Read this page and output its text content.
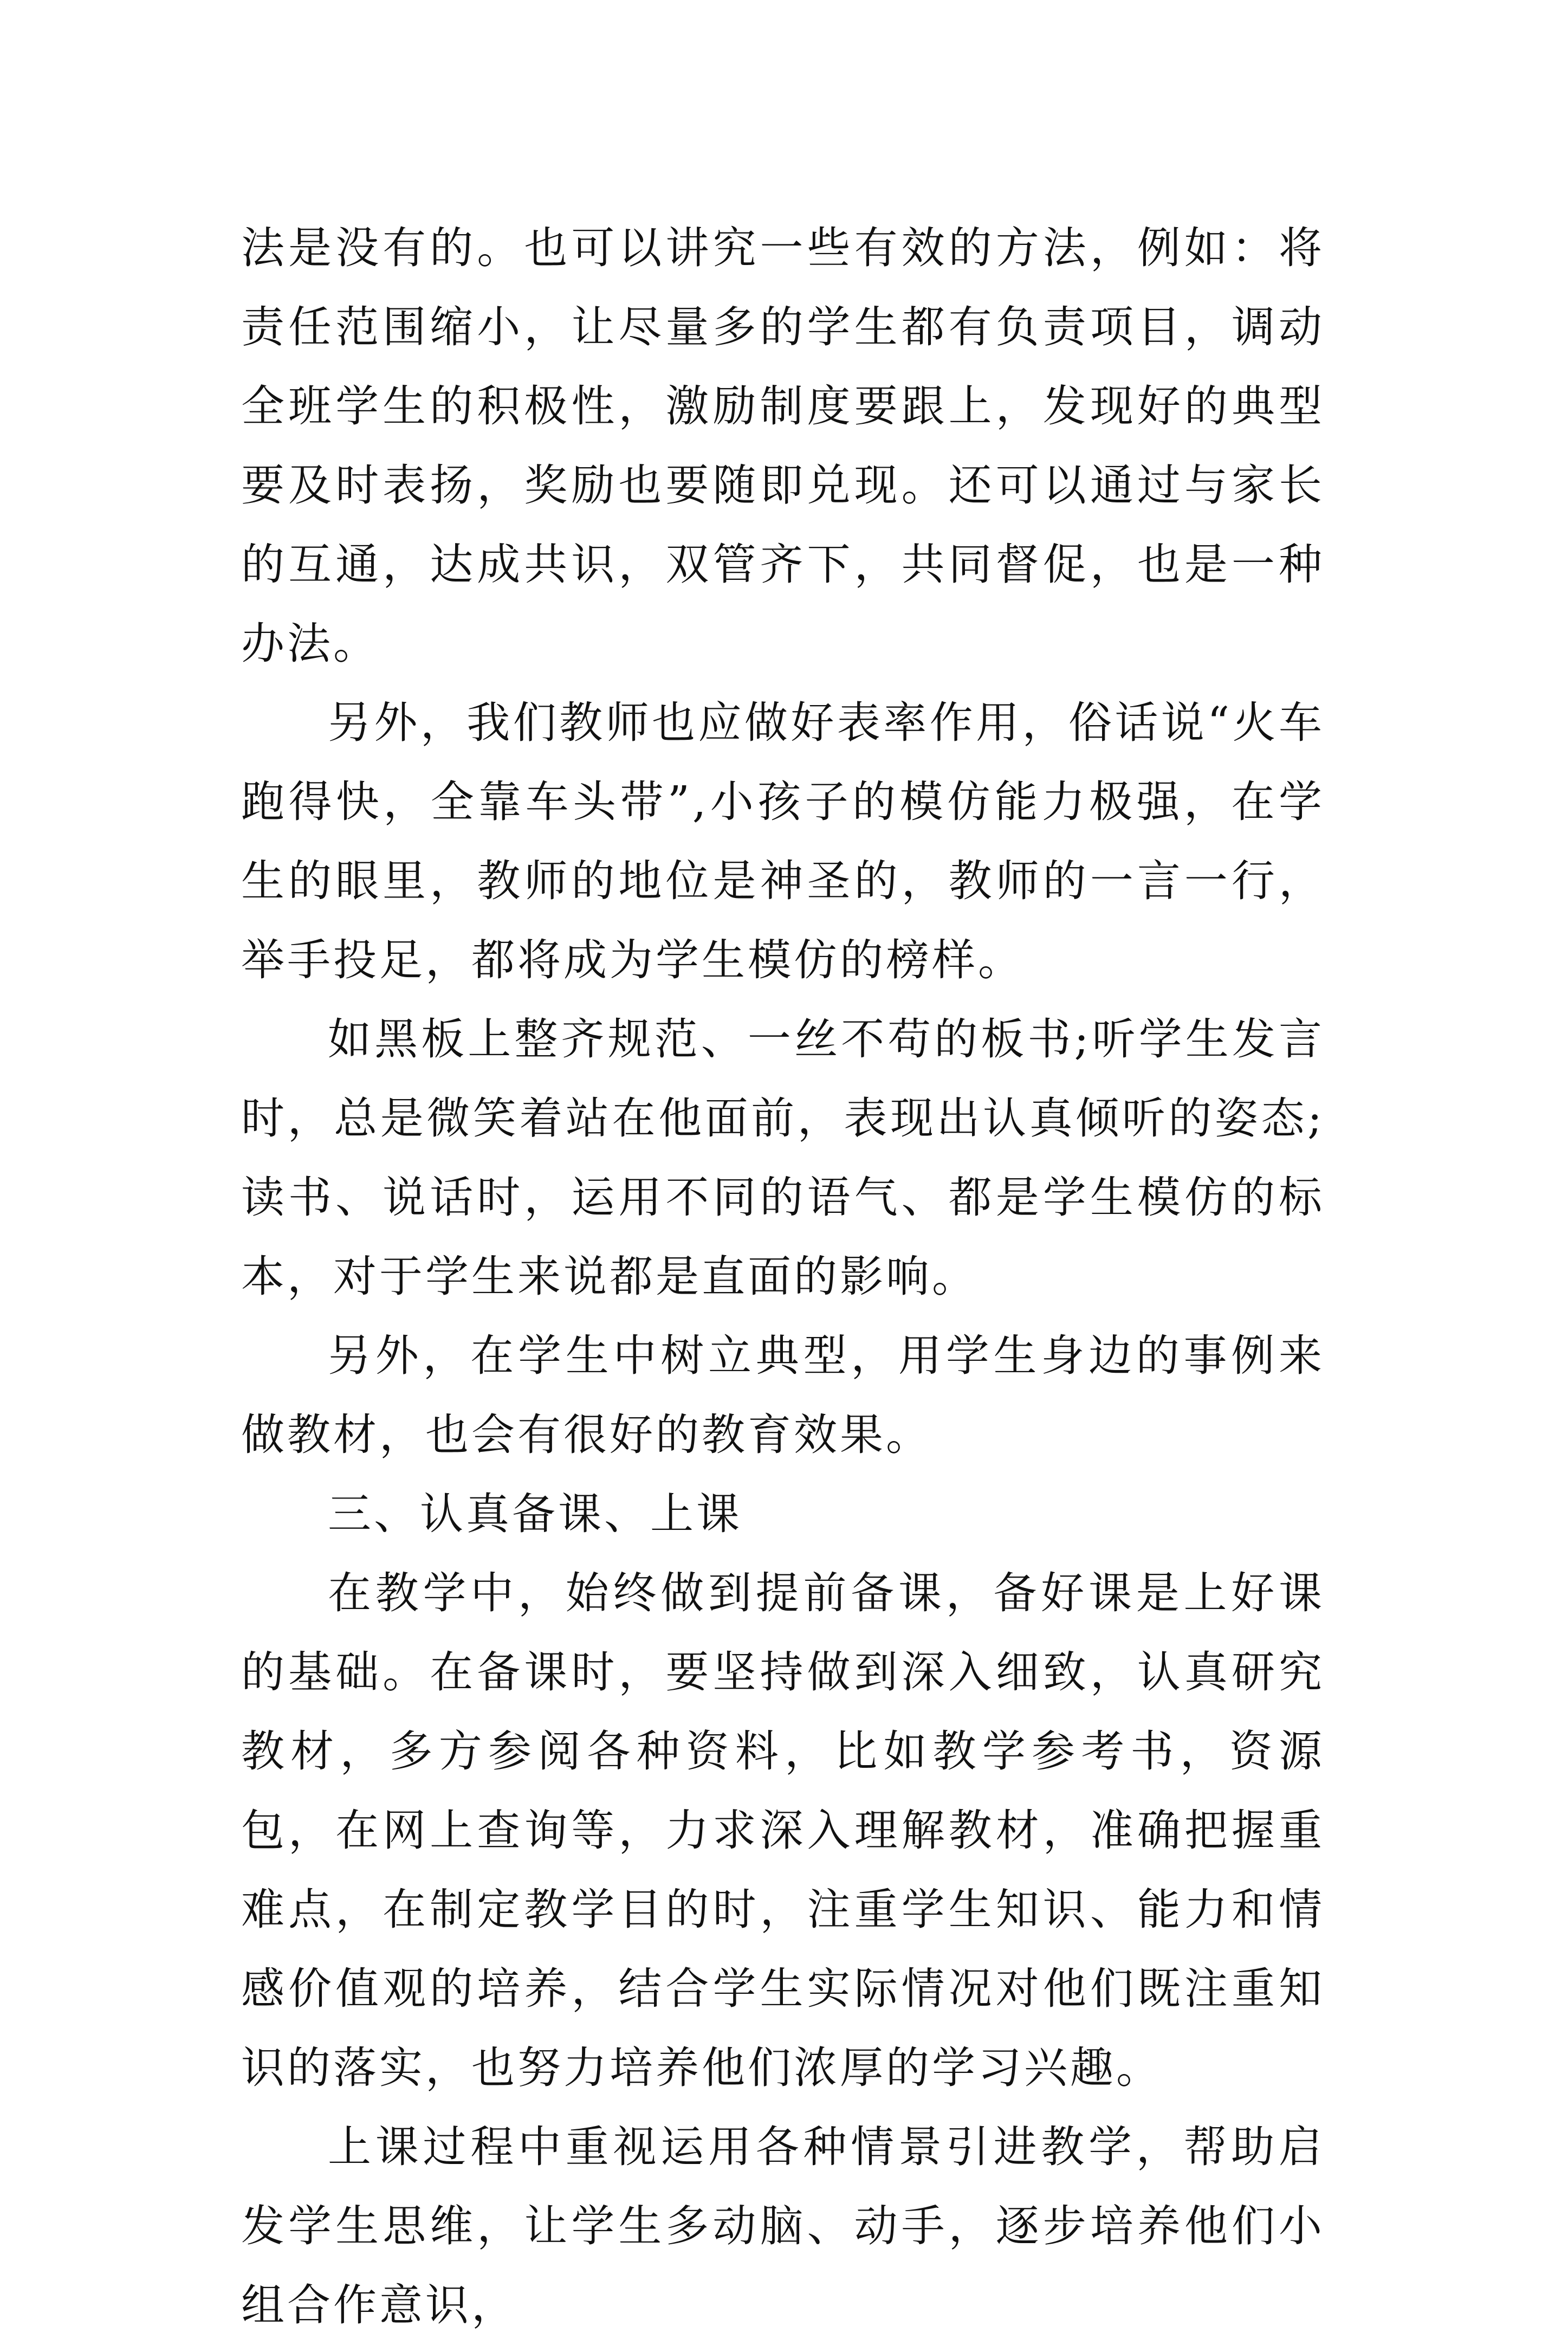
法是没有的。也可以讲究一些有效的方法，例如：将责任范围缩小，让尽量多的学生都有负责项目，调动全班学生的积极性，激励制度要跟上，发现好的典型要及时表扬，奖励也要随即兑现。还可以通过与家长的互通，达成共识，双管齐下，共同督促，也是一种办法。

另外，我们教师也应做好表率作用，俗话说“火车跑得快，全靠车头带”,小孩子的模仿能力极强，在学生的眼里，教师的地位是神圣的，教师的一言一行，举手投足，都将成为学生模仿的榜样。

如黑板上整齐规范、一丝不苟的板书;听学生发言时，总是微笑着站在他面前，表现出认真倾听的姿态;读书、说话时，运用不同的语气、都是学生模仿的标本，对于学生来说都是直面的影响。

另外，在学生中树立典型，用学生身边的事例来做教材，也会有很好的教育效果。

三、认真备课、上课

在教学中，始终做到提前备课，备好课是上好课的基础。在备课时，要坚持做到深入细致，认真研究教材，多方参阅各种资料，比如教学参考书，资源包，在网上查询等，力求深入理解教材，准确把握重难点，在制定教学目的时，注重学生知识、能力和情感价值观的培养，结合学生实际情况对他们既注重知识的落实，也努力培养他们浓厚的学习兴趣。

上课过程中重视运用各种情景引进教学，帮助启发学生思维，让学生多动脑、动手，逐步培养他们小组合作意识，
